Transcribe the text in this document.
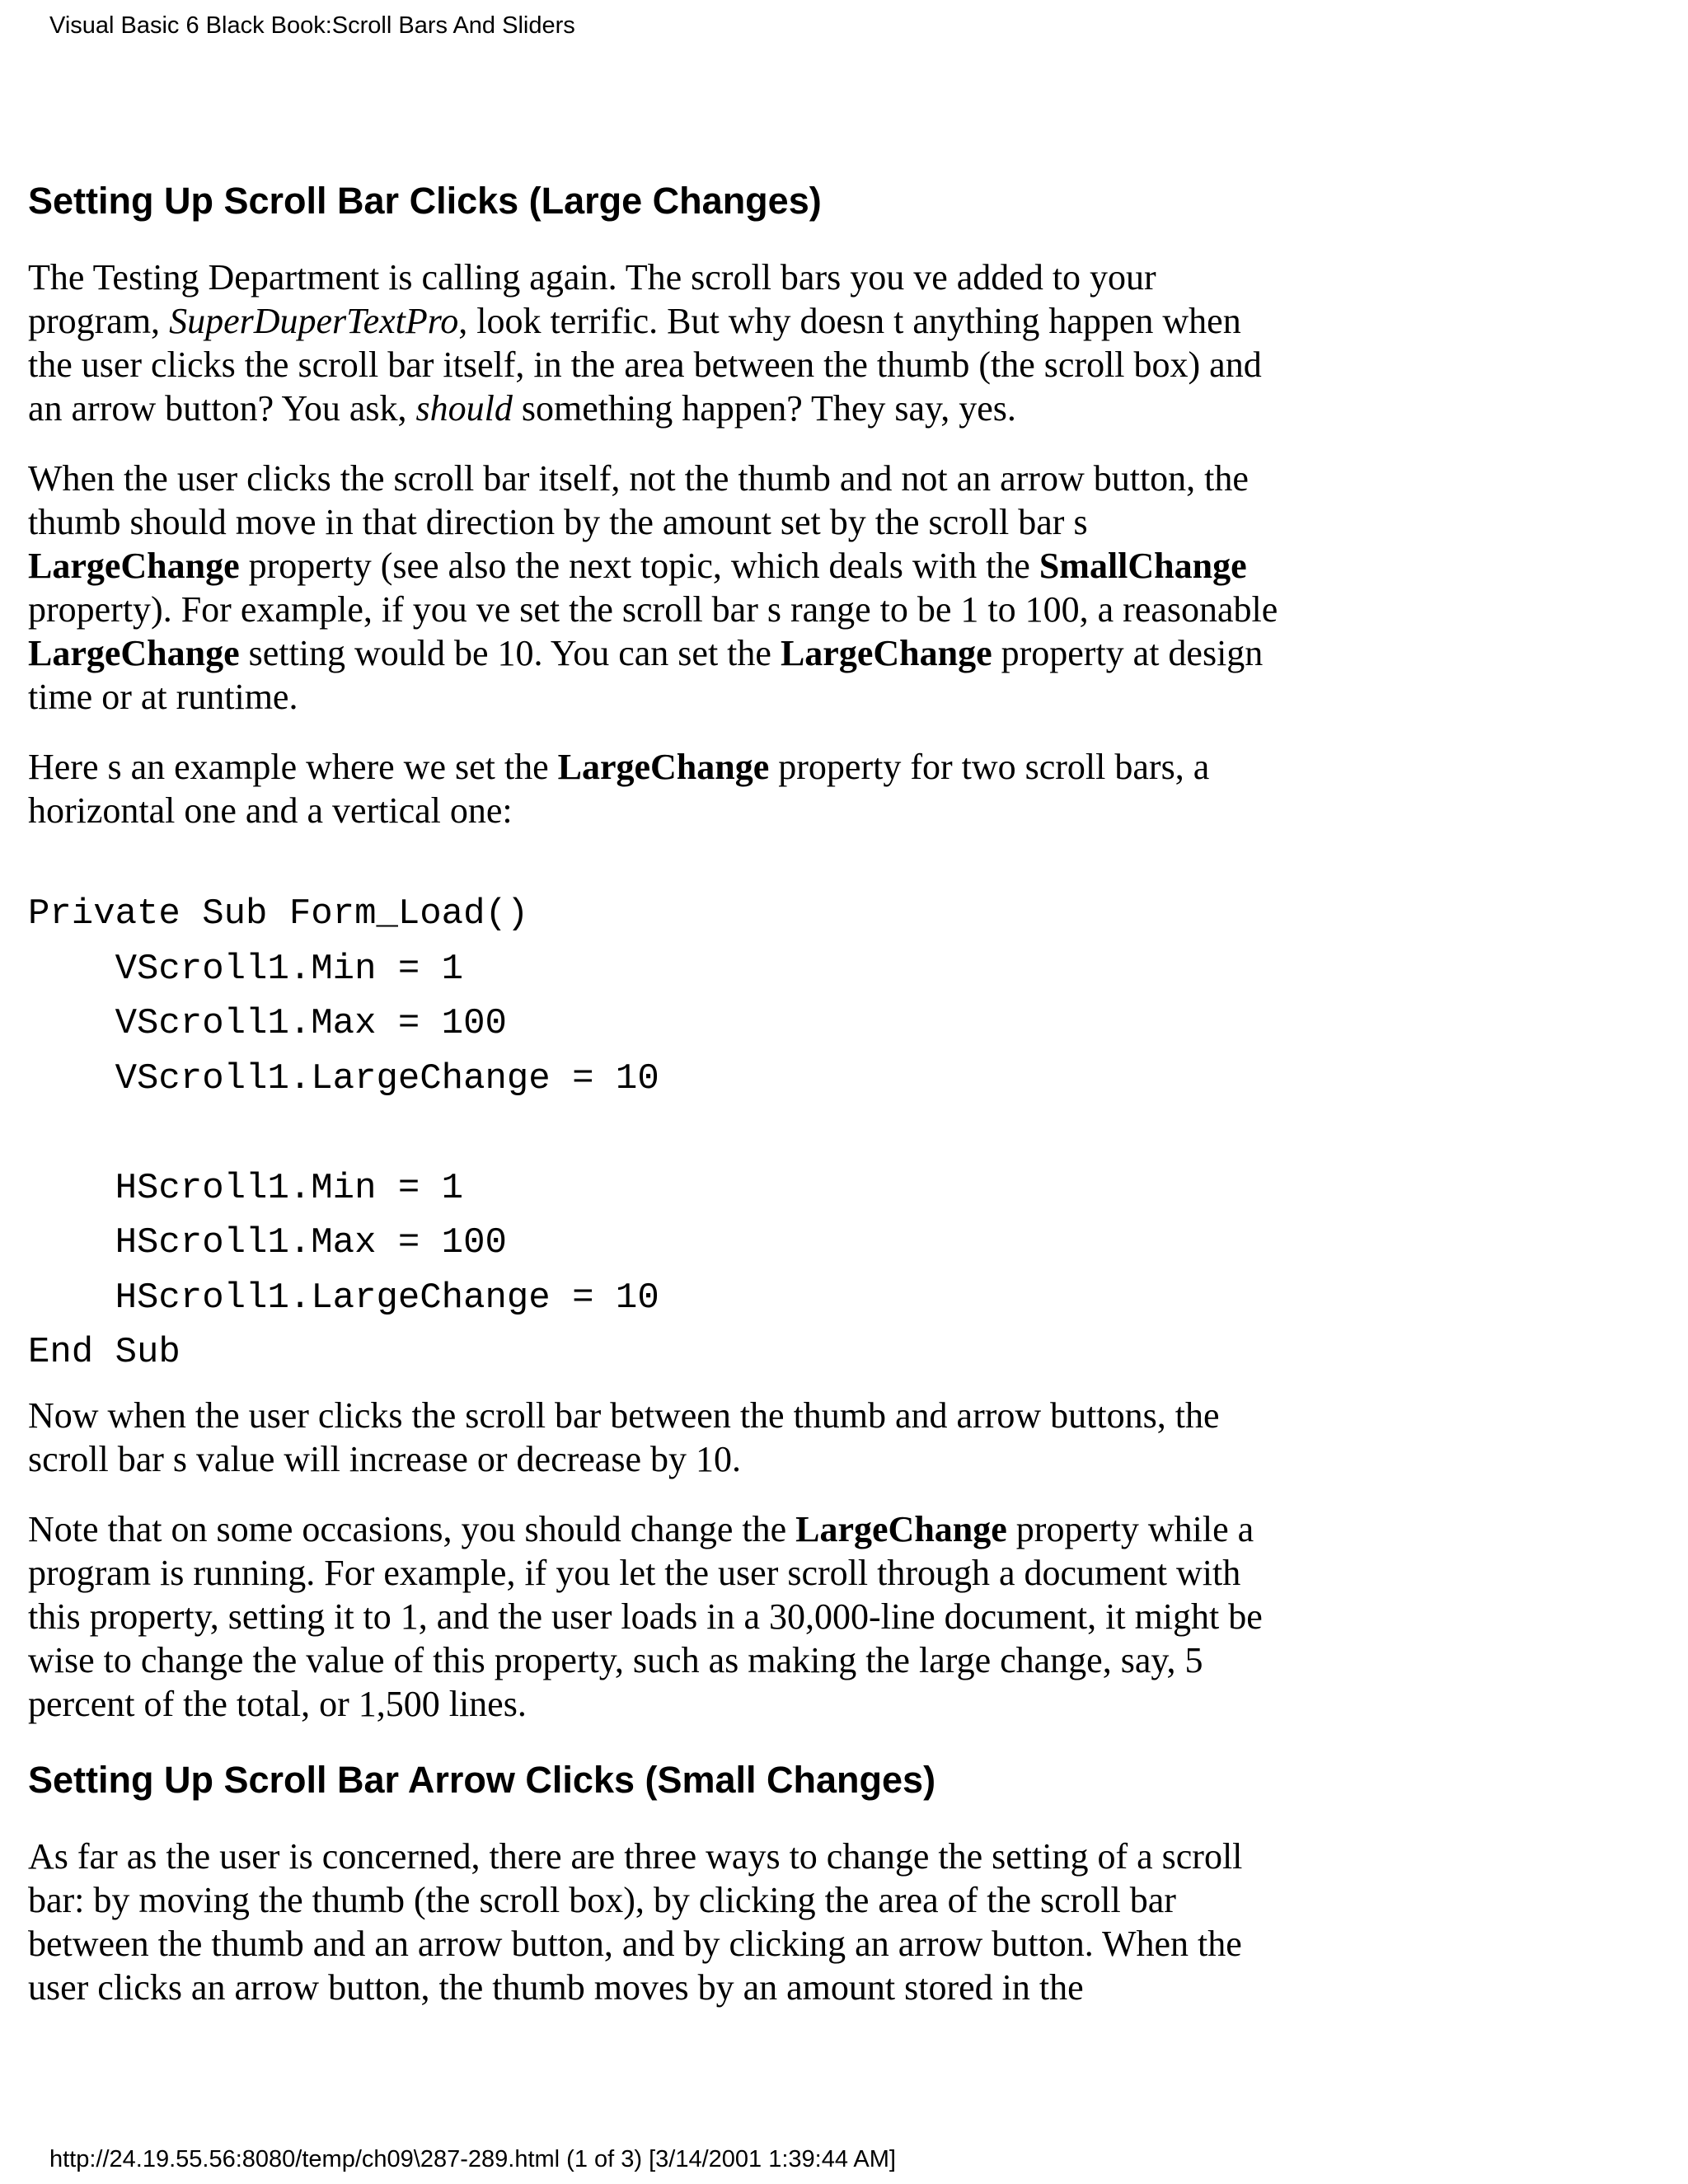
Visual Basic 6 Black Book:Scroll Bars And Sliders
Setting Up Scroll Bar Clicks (Large Changes)

The Testing Department is calling again. The scroll bars you ve added to your
program, SuperDuperTextPro, look terrific. But why doesn t anything happen when
the user clicks the scroll bar itself, in the area between the thumb (the scroll box) and
an arrow button? You ask, should something happen? They say, yes.

When the user clicks the scroll bar itself, not the thumb and not an arrow button, the
thumb should move in that direction by the amount set by the scroll bar s
LargeChange property (see also the next topic, which deals with the SmallChange
property). For example, if you ve set the scroll bar s range to be 1 to 100, a reasonable
LargeChange setting would be 10. You can set the LargeChange property at design
time or at runtime.

Here s an example where we set the LargeChange property for two scroll bars, a
horizontal one and a vertical one:

Private Sub Form_Load()
VScroll1.Min = 1
VScroll1.Max = 100
VScroll1.LargeChange = 10
HScroll1.Min = 1
HScroll1.Max = 100
HScroll1.LargeChange = 10
End Sub

Now when the user clicks the scroll bar between the thumb and arrow buttons, the
scroll bar s value will increase or decrease by 10.

Note that on some occasions, you should change the LargeChange property while a
program is running. For example, if you let the user scroll through a document with
this property, setting it to 1, and the user loads in a 30,000-line document, it might be
wise to change the value of this property, such as making the large change, say, 5
percent of the total, or 1,500 lines.

Setting Up Scroll Bar Arrow Clicks (Small Changes)

As far as the user is concerned, there are three ways to change the setting of a scroll
bar: by moving the thumb (the scroll box), by clicking the area of the scroll bar
between the thumb and an arrow button, and by clicking an arrow button. When the
user clicks an arrow button, the thumb moves by an amount stored in the

http://24.19.55.56:8080/temp/ch09\287-289.html (1 of 3) [3/14/2001 1:39:44 AM]
